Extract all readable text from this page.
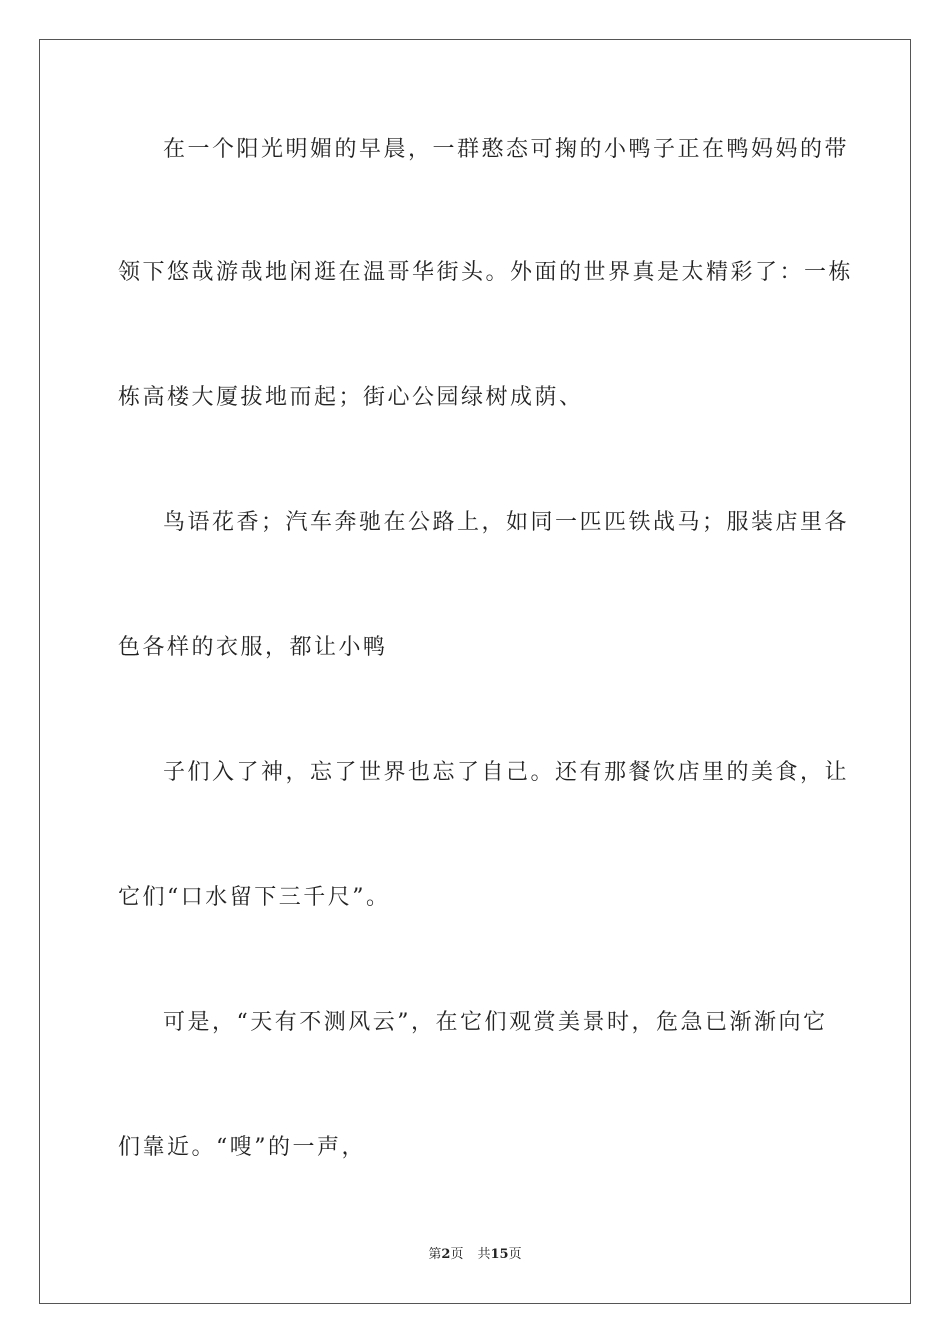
在一个阳光明媚的早晨，一群憨态可掬的小鸭子正在鸭妈妈的带
领下悠哉游哉地闲逛在温哥华街头。外面的世界真是太精彩了：一栋
栋高楼大厦拔地而起；街心公园绿树成荫、
鸟语花香；汽车奔驰在公路上，如同一匹匹铁战马；服装店里各
色各样的衣服，都让小鸭
子们入了神，忘了世界也忘了自己。还有那餐饮店里的美食，让
它们“口水留下三千尺”。
可是，“天有不测风云”，在它们观赏美景时，危急已渐渐向它
们靠近。“嗖”的一声，
第2页 共15页
